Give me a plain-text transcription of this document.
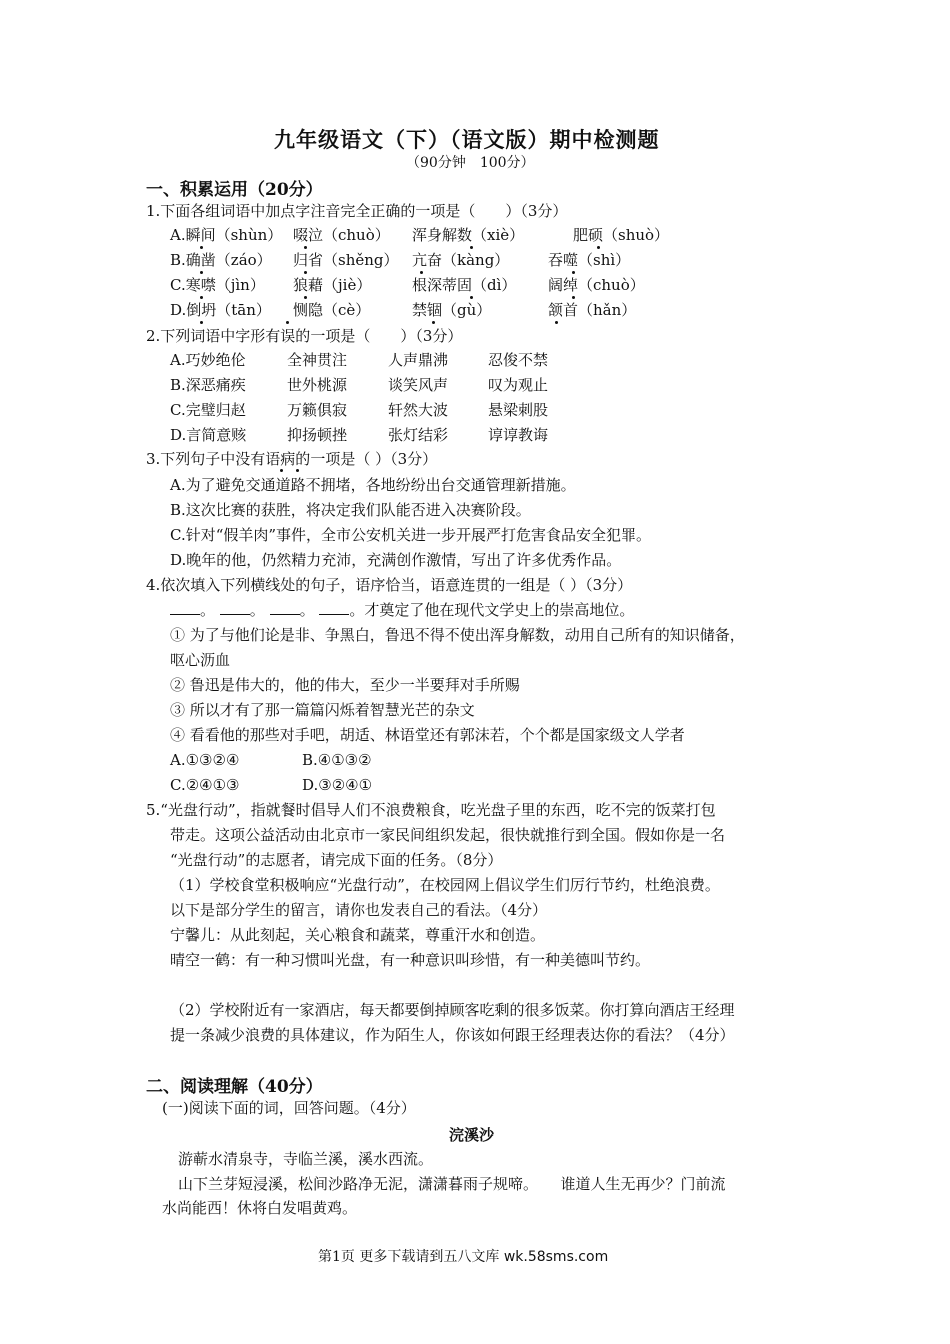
九年级语文（下）（语文版）期中检测题
（90分钟　100分）
一、积累运用（20分）
1.下面各组词语中加点字注音完全正确的一项是（　　）（3分）
A.瞬间（shùn） 啜泣（chuò） 浑身解数（xiè）	肥硕（shuò）
B.确凿（záo） 归省（shěng） 亢奋（kàng）	吞噬（shì）
C.寒噤（jìn） 狼藉（jiè）	根深蒂固（dì） 阔绰（chuò）
D.倒坍（tān） 恻隐（cè）	禁锢（gù）	颔首（hǎn）
2.下列词语中字形有误的一项是（　　）（3分）
A.巧妙绝伦	全神贯注	人声鼎沸	忍俊不禁
B.深恶痛疾	世外桃源	谈笑风声	叹为观止
C.完璧归赵	万籁俱寂	轩然大波	悬梁刺股
D.言简意赅	抑扬顿挫	张灯结彩	谆谆教诲
3.下列句子中没有语病的一项是（ ）（3分）
A.为了避免交通道路不拥堵，各地纷纷出台交通管理新措施。
B.这次比赛的获胜，将决定我们队能否进入决赛阶段。
C.针对“假羊肉”事件，全市公安机关进一步开展严打危害食品安全犯罪。
D.晚年的他，仍然精力充沛，充满创作激情，写出了许多优秀作品。
4.依次填入下列横线处的句子，语序恰当，语意连贯的一组是（ ）（3分）
。 。 。 。才奠定了他在现代文学史上的崇高地位。
① 为了与他们论是非、争黑白，鲁迅不得不使出浑身解数，动用自己所有的知识储备，
呕心沥血
② 鲁迅是伟大的，他的伟大，至少一半要拜对手所赐
③ 所以才有了那一篇篇闪烁着智慧光芒的杂文
④ 看看他的那些对手吧，胡适、林语堂还有郭沫若，个个都是国家级文人学者
A.①③②④	B.④①③②
C.②④①③	D.③②④①
5.“光盘行动”，指就餐时倡导人们不浪费粮食，吃光盘子里的东西，吃不完的饭菜打包
带走。这项公益活动由北京市一家民间组织发起，很快就推行到全国。假如你是一名
“光盘行动”的志愿者，请完成下面的任务。（8分）
（1）学校食堂积极响应“光盘行动”，在校园网上倡议学生们厉行节约，杜绝浪费。
以下是部分学生的留言，请你也发表自己的看法。（4分）
宁馨儿：从此刻起，关心粮食和蔬菜，尊重汗水和创造。
晴空一鹤：有一种习惯叫光盘，有一种意识叫珍惜，有一种美德叫节约。
（2）学校附近有一家酒店，每天都要倒掉顾客吃剩的很多饭菜。你打算向酒店王经理
提一条减少浪费的具体建议，作为陌生人，你该如何跟王经理表达你的看法？（4分）
二、阅读理解（40分）
(一)阅读下面的词，回答问题。（4分）
浣溪沙
游蕲水清泉寺，寺临兰溪，溪水西流。
山下兰芽短浸溪，松间沙路净无泥，潇潇暮雨子规啼。　　谁道人生无再少？门前流
水尚能西！休将白发唱黄鸡。
第1页 更多下载请到五八文库 wk.58sms.com
